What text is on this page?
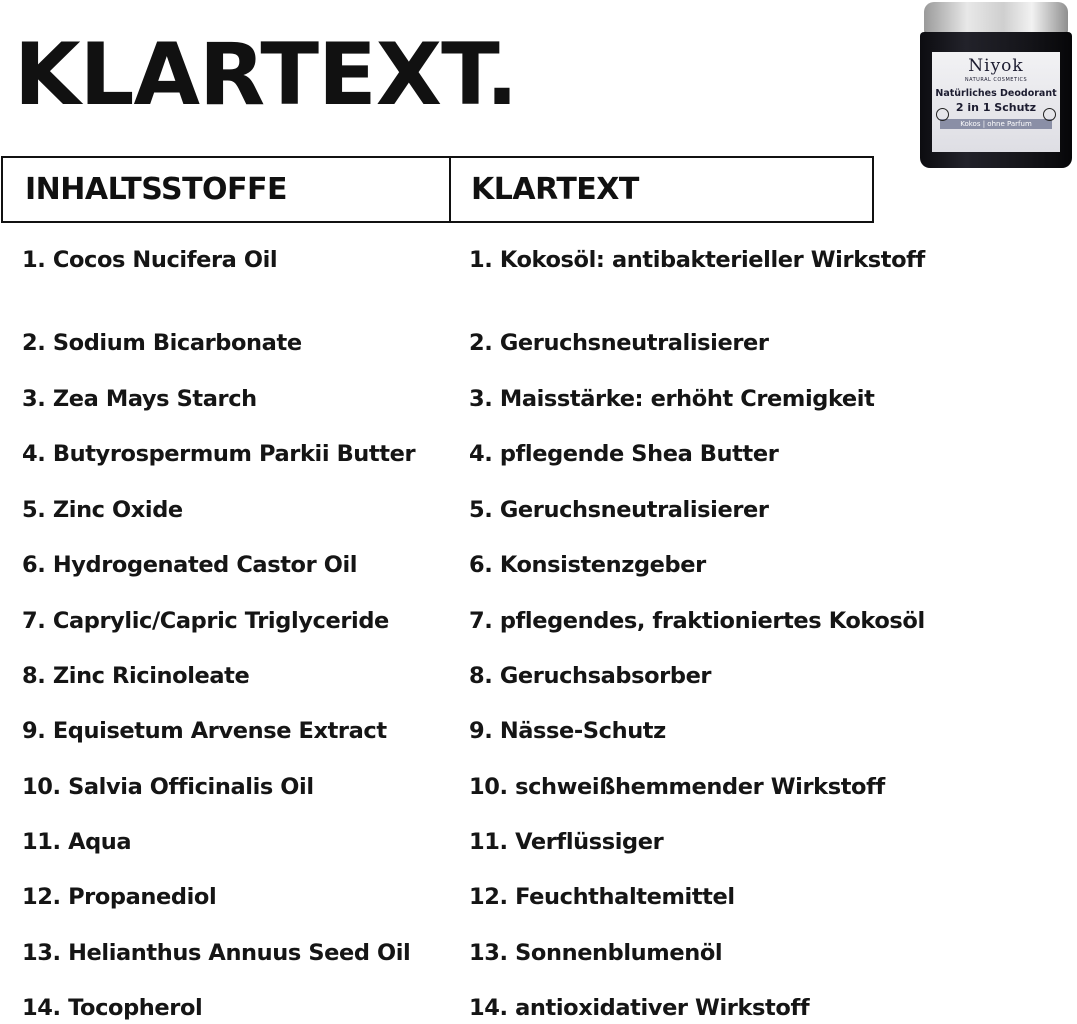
KLARTEXT.	Niyok
NATURAL COSMETICS
Natürliches Deodorant
2 in 1 Schutz
Kokos | ohne Parfum
INHALTSSTOFFE	KLARTEXT
1. Cocos Nucifera Oil	1. Kokosöl: antibakterieller Wirkstoff
2. Sodium Bicarbonate	2. Geruchsneutralisierer
3. Zea Mays Starch	3. Maisstärke: erhöht Cremigkeit
4. Butyrospermum Parkii Butter 4. pflegende Shea Butter
5. Zinc Oxide	5. Geruchsneutralisierer
6. Hydrogenated Castor Oil	6. Konsistenzgeber
7. Caprylic/Capric Triglyceride	7. pflegendes, fraktioniertes Kokosöl
8. Zinc Ricinoleate	8. Geruchsabsorber
9. Equisetum Arvense Extract	9. Nässe-Schutz
10. Salvia Officinalis Oil	10. schweißhemmender Wirkstoff
11. Aqua	11. Verflüssiger
12. Propanediol	12. Feuchthaltemittel
13. Helianthus Annuus Seed Oil	13. Sonnenblumenöl
14. Tocopherol	14. antioxidativer Wirkstoff
